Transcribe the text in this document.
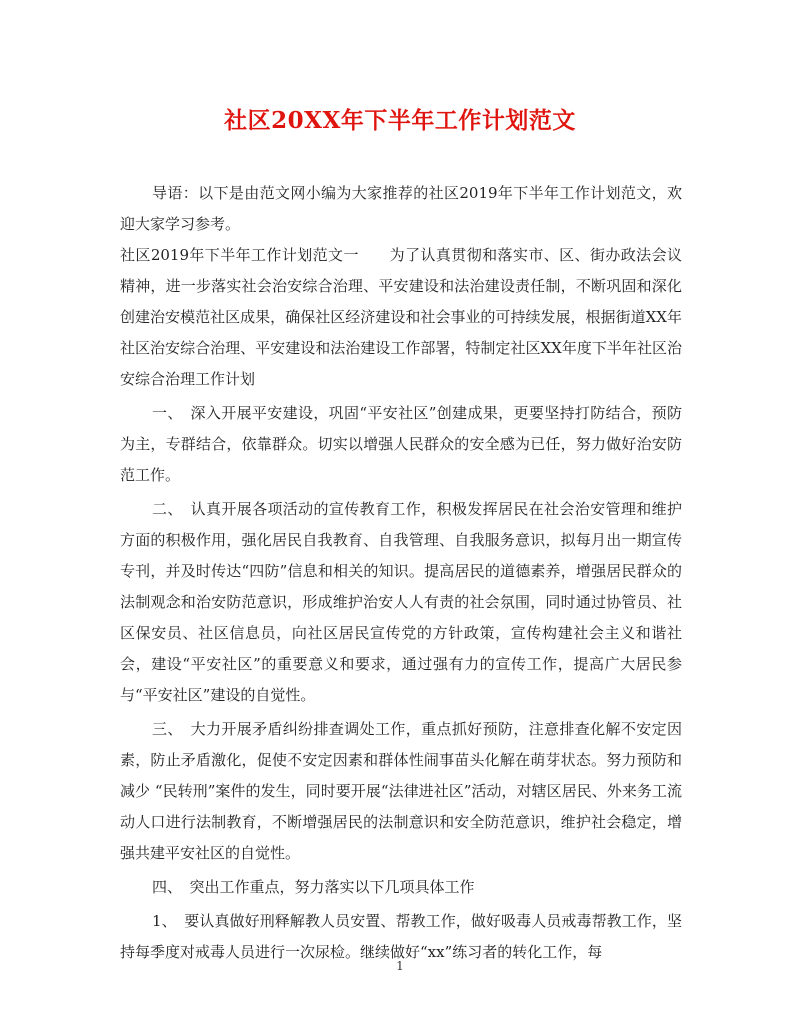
社区20XX年下半年工作计划范文

导语：以下是由范文网小编为大家推荐的社区2019年下半年工作计划范文，欢迎大家学习参考。

社区2019年下半年工作计划范文一　　为了认真贯彻和落实市、区、街办政法会议精神，进一步落实社会治安综合治理、平安建设和法治建设责任制，不断巩固和深化创建治安模范社区成果，确保社区经济建设和社会事业的可持续发展，根据街道XX年社区治安综合治理、平安建设和法治建设工作部署，特制定社区XX年度下半年社区治安综合治理工作计划

一、　深入开展平安建设，巩固“平安社区”创建成果，更要坚持打防结合，预防为主，专群结合，依靠群众。切实以增强人民群众的安全感为已任，努力做好治安防范工作。

二、　认真开展各项活动的宣传教育工作，积极发挥居民在社会治安管理和维护方面的积极作用，强化居民自我教育、自我管理、自我服务意识，拟每月出一期宣传专刊，并及时传达“四防”信息和相关的知识。提高居民的道德素养，增强居民群众的法制观念和治安防范意识，形成维护治安人人有责的社会氛围，同时通过协管员、社区保安员、社区信息员，向社区居民宣传党的方针政策，宣传构建社会主义和谐社会，建设“平安社区”的重要意义和要求，通过强有力的宣传工作，提高广大居民参与“平安社区”建设的自觉性。

三、　大力开展矛盾纠纷排查调处工作，重点抓好预防，注意排查化解不安定因素，防止矛盾激化，促使不安定因素和群体性闹事苗头化解在萌芽状态。努力预防和减少 “民转刑”案件的发生，同时要开展“法律进社区”活动，对辖区居民、外来务工流动人口进行法制教育，不断增强居民的法制意识和安全防范意识，维护社会稳定，增强共建平安社区的自觉性。

四、　突出工作重点，努力落实以下几项具体工作

1、　要认真做好刑释解教人员安置、帮教工作，做好吸毒人员戒毒帮教工作，坚持每季度对戒毒人员进行一次尿检。继续做好“xx”练习者的转化工作，每

1
